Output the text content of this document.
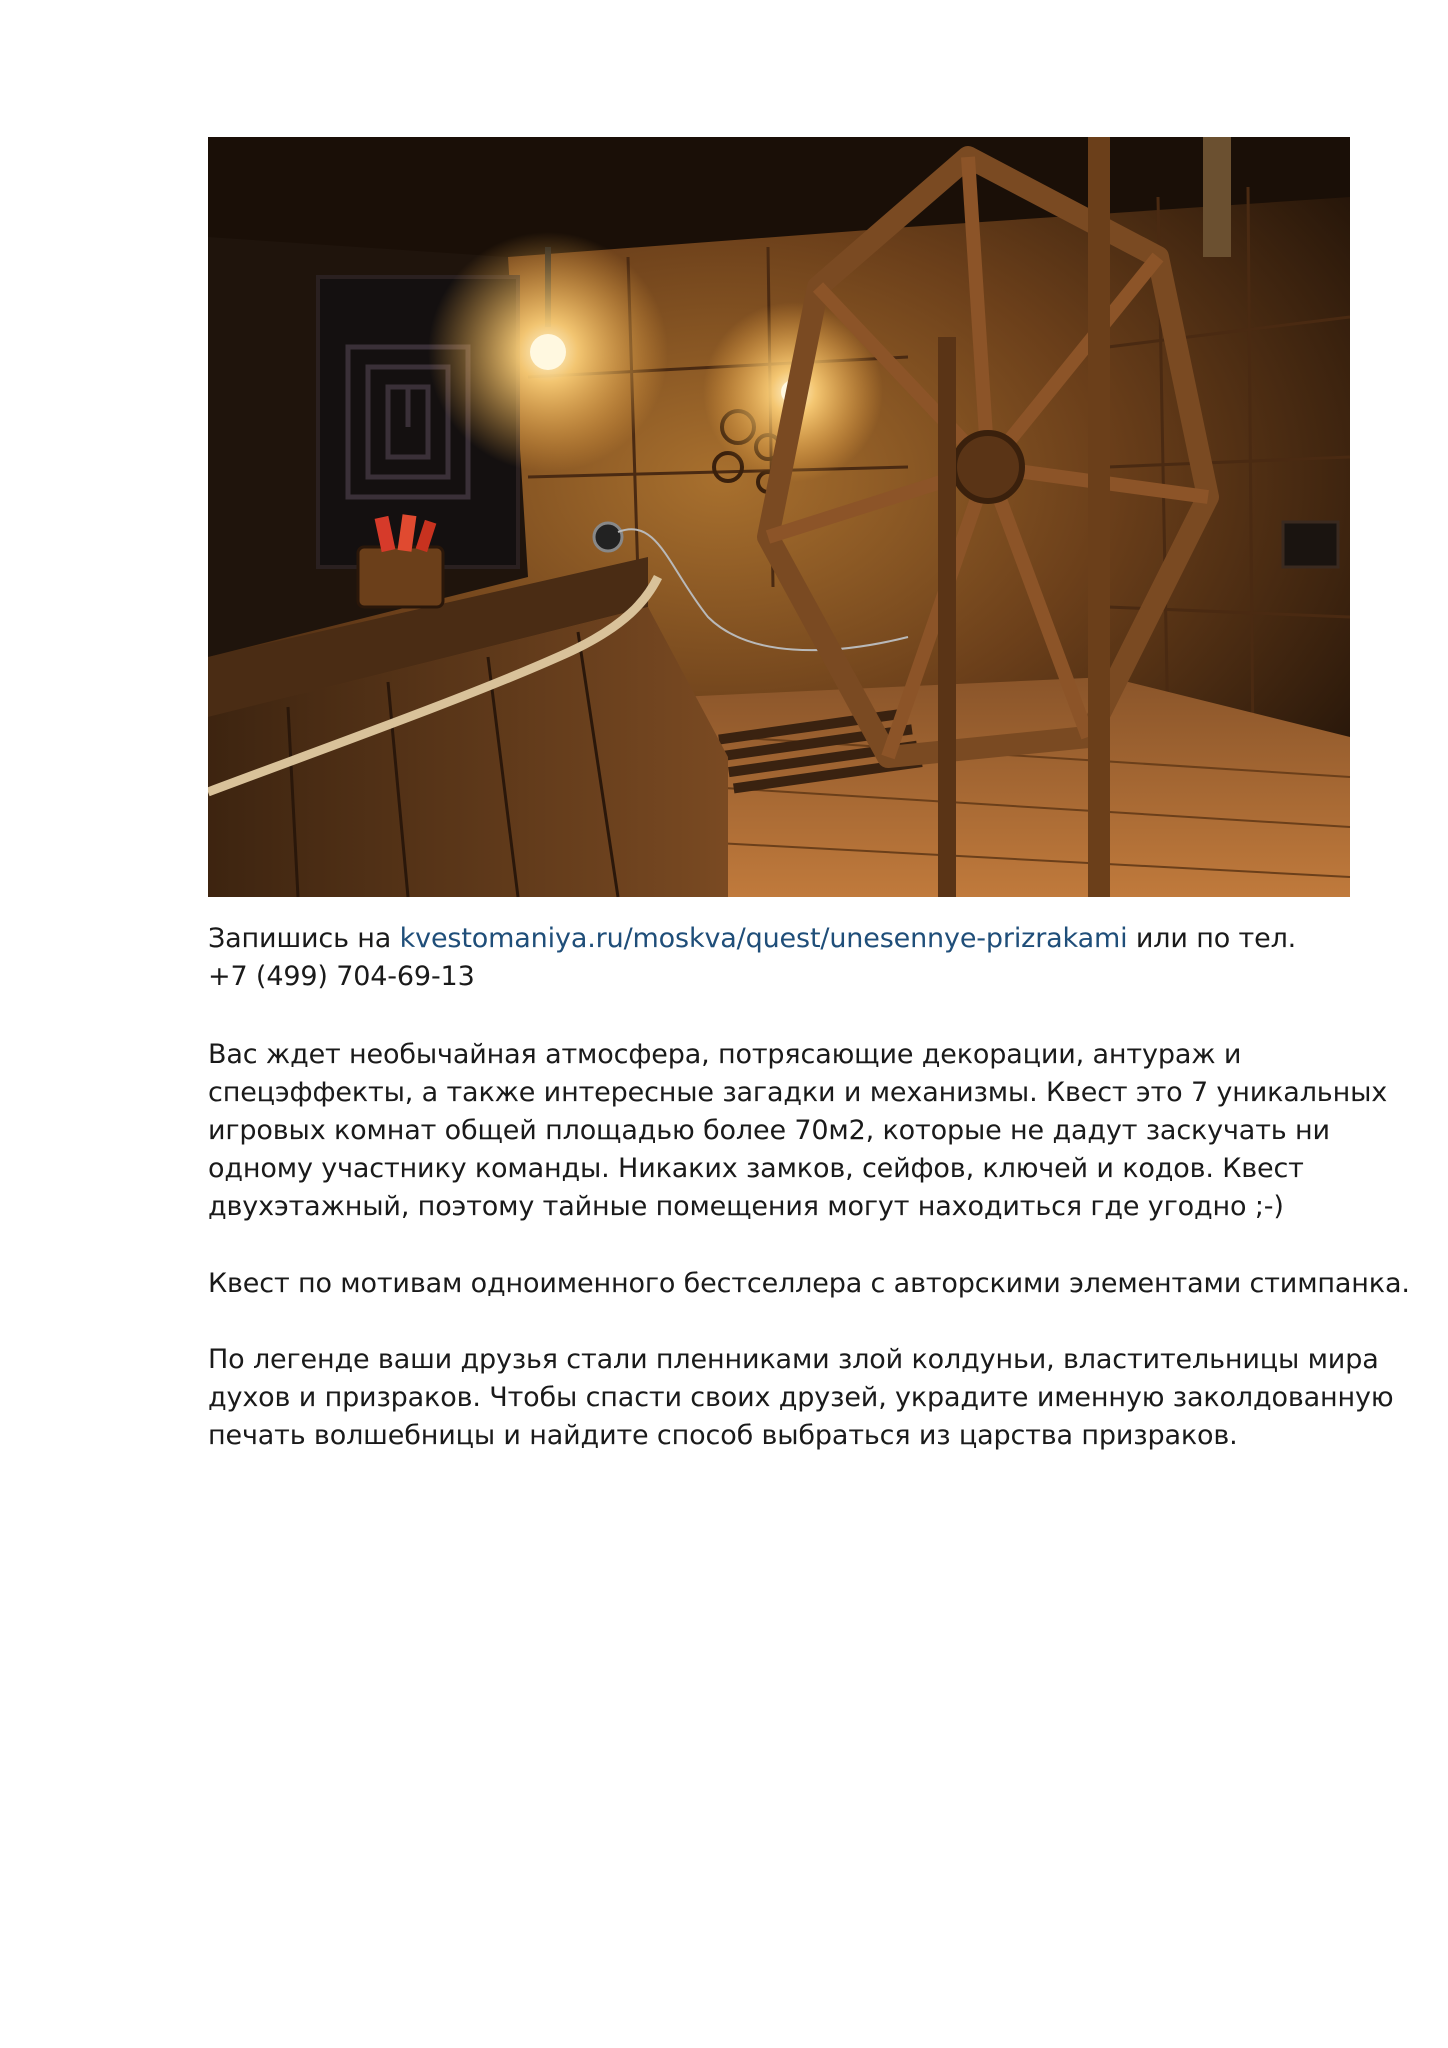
Запишись на kvestomaniya.ru/moskva/quest/unesennye-prizrakami или по тел.
+7 (499) 704-69-13
Вас ждет необычайная атмосфера, потрясающие декорации, антураж и
спецэффекты, а также интересные загадки и механизмы. Квест это 7 уникальных
игровых комнат общей площадью более 70м2, которые не дадут заскучать ни
одному участнику команды. Никаких замков, сейфов, ключей и кодов. Квест
двухэтажный, поэтому тайные помещения могут находиться где угодно ;-)
Квест по мотивам одноименного бестселлера с авторскими элементами стимпанка.
По легенде ваши друзья стали пленниками злой колдуньи, властительницы мира
духов и призраков. Чтобы спасти своих друзей, украдите именную заколдованную
печать волшебницы и найдите способ выбраться из царства призраков.
